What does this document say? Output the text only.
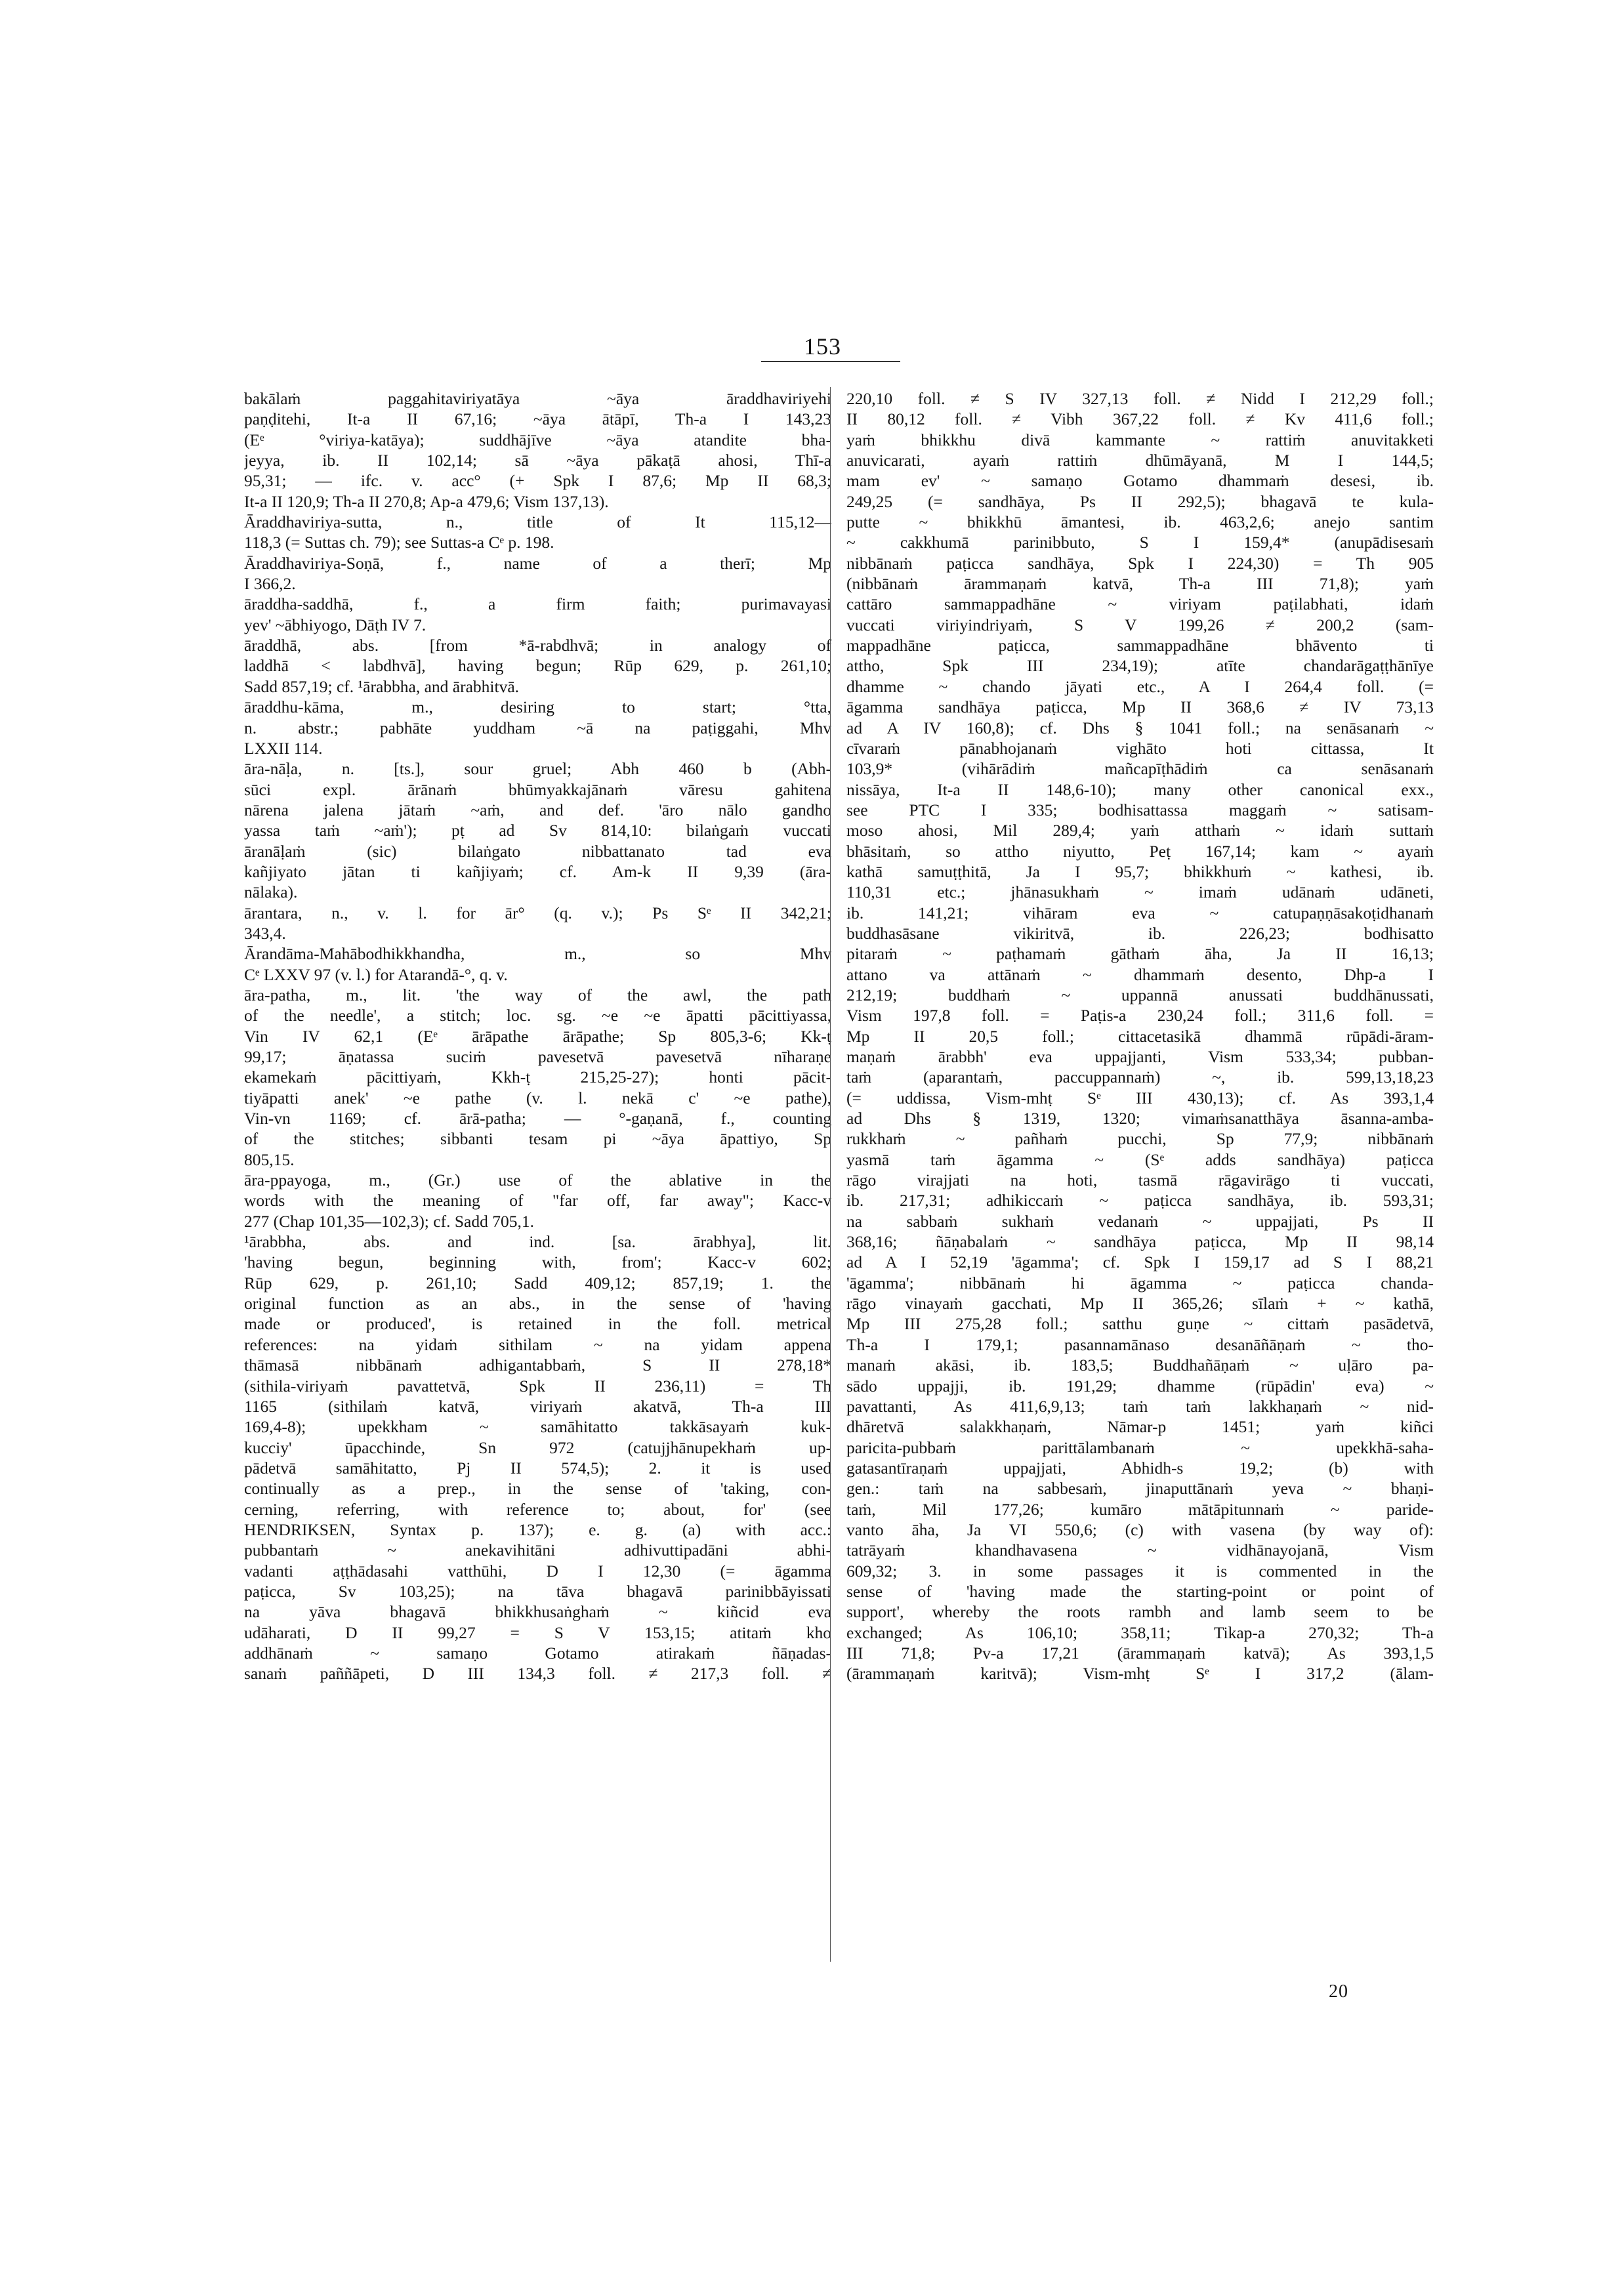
153
bakālaṁ paggahitaviriyatāya ~āya āraddhaviriyehi
paṇḍitehi, It-a II 67,16; ~āya ātāpī, Th-a I 143,23
(Eᵉ °viriya-katāya); suddhājīve ~āya atandite bha-
jeyya, ib. II 102,14; sā ~āya pākaṭā ahosi, Thī-a
95,31; — ifc. v. acc° (+ Spk I 87,6; Mp II 68,3;
It-a II 120,9; Th-a II 270,8; Ap-a 479,6; Vism 137,13).
Āraddhaviriya-sutta, n., title of It 115,12—
118,3 (= Suttas ch. 79); see Suttas-a Cᵉ p. 198.
Āraddhaviriya-Soṇā, f., name of a therī; Mp
I 366,2.
āraddha-saddhā, f., a firm faith; purimavayasi
yev' ~ābhiyogo, Dāṭh IV 7.
āraddhā, abs. [from *ā-rabdhvā; in analogy of
laddhā < labdhvā], having begun; Rūp 629, p. 261,10;
Sadd 857,19; cf. ¹ārabbha, and ārabhitvā.
āraddhu-kāma, m., desiring to start; °tta,
n. abstr.; pabhāte yuddham ~ā na paṭiggahi, Mhv
LXXII 114.
āra-nāḷa, n. [ts.], sour gruel; Abh 460 b (Abh-
sūci expl. ārānaṁ bhūmyakkajānaṁ vāresu gahitena
nārena jalena jātaṁ ~aṁ, and def. 'āro nālo gandho
yassa taṁ ~aṁ'); pṭ ad Sv 814,10: bilaṅgaṁ vuccati
āranāḷaṁ (sic) bilaṅgato nibbattanato tad eva
kañjiyato jātan ti kañjiyaṁ; cf. Am-k II 9,39 (āra-
nālaka).
ārantara, n., v. l. for ār° (q. v.); Ps Sᵉ II 342,21;
343,4.
Ārandāma-Mahābodhikkhandha, m., so Mhv
Cᵉ LXXV 97 (v. l.) for Atarandā-°, q. v.
āra-patha, m., lit. 'the way of the awl, the path
of the needle', a stitch; loc. sg. ~e ~e āpatti pācittiyassa,
Vin IV 62,1 (Eᵉ ārāpathe ārāpathe; Sp 805,3-6; Kk-ṭ
99,17; āṇatassa suciṁ pavesetvā pavesetvā nīharaṇe
ekamekaṁ pācittiyaṁ, Kkh-ṭ 215,25-27); honti pācit-
tiyāpatti anek' ~e pathe (v. l. nekā c' ~e pathe),
Vin-vn 1169; cf. ārā-patha; — °-gaṇanā, f., counting
of the stitches; sibbanti tesam pi ~āya āpattiyo, Sp
805,15.
āra-ppayoga, m., (Gr.) use of the ablative in the
words with the meaning of "far off, far away"; Kacc-v
277 (Chap 101,35—102,3); cf. Sadd 705,1.
¹ārabbha, abs. and ind. [sa. ārabhya], lit.
'having begun, beginning with, from'; Kacc-v 602;
Rūp 629, p. 261,10; Sadd 409,12; 857,19; 1. the
original function as an abs., in the sense of 'having
made or produced', is retained in the foll. metrical
references: na yidaṁ sithilam ~ na yidam appena
thāmasā nibbānaṁ adhigantabbaṁ, S II 278,18*
(sithila-viriyaṁ pavattetvā, Spk II 236,11) = Th
1165 (sithilaṁ katvā, viriyaṁ akatvā, Th-a III
169,4-8); upekkham ~ samāhitatto takkāsayaṁ kuk-
kucciy' ūpacchinde, Sn 972 (catujjhānupekhaṁ up-
pādetvā samāhitatto, Pj II 574,5); 2. it is used
continually as a prep., in the sense of 'taking, con-
cerning, referring, with reference to; about, for' (see
HENDRIKSEN, Syntax p. 137); e. g. (a) with acc.:
pubbantaṁ ~ anekavihitāni adhivuttipadāni abhi-
vadanti aṭṭhādasahi vatthūhi, D I 12,30 (= āgamma
paṭicca, Sv 103,25); na tāva bhagavā parinibbāyissati
na yāva bhagavā bhikkhusaṅghaṁ ~ kiñcid eva
udāharati, D II 99,27 = S V 153,15; atitaṁ kho
addhānaṁ ~ samaṇo Gotamo atirakaṁ ñāṇadas-
sanaṁ paññāpeti, D III 134,3 foll. ≠ 217,3 foll. ≠
220,10 foll. ≠ S IV 327,13 foll. ≠ Nidd I 212,29 foll.;
II 80,12 foll. ≠ Vibh 367,22 foll. ≠ Kv 411,6 foll.;
yaṁ bhikkhu divā kammante ~ rattiṁ anuvitakketi
anuvicarati, ayaṁ rattiṁ dhūmāyanā, M I 144,5;
mam ev' ~ samaṇo Gotamo dhammaṁ desesi, ib.
249,25 (= sandhāya, Ps II 292,5); bhagavā te kula-
putte ~ bhikkhū āmantesi, ib. 463,2,6; anejo santim
~ cakkhumā parinibbuto, S I 159,4* (anupādisesaṁ
nibbānaṁ paṭicca sandhāya, Spk I 224,30) = Th 905
(nibbānaṁ ārammaṇaṁ katvā, Th-a III 71,8); yaṁ
cattāro sammappadhāne ~ viriyam paṭilabhati, idaṁ
vuccati viriyindriyaṁ, S V 199,26 ≠ 200,2 (sam-
mappadhāne paṭicca, sammappadhāne bhāvento ti
attho, Spk III 234,19); atīte chandarāgaṭṭhānīye
dhamme ~ chando jāyati etc., A I 264,4 foll. (=
āgamma sandhāya paṭicca, Mp II 368,6 ≠ IV 73,13
ad A IV 160,8); cf. Dhs § 1041 foll.; na senāsanaṁ ~
cīvaraṁ pānabhojanaṁ vighāto hoti cittassa, It
103,9* (vihārādiṁ mañcapīṭhādiṁ ca senāsanaṁ
nissāya, It-a II 148,6-10); many other canonical exx.,
see PTC I 335; bodhisattassa maggaṁ ~ satisam-
moso ahosi, Mil 289,4; yaṁ atthaṁ ~ idaṁ suttaṁ
bhāsitaṁ, so attho niyutto, Peṭ 167,14; kam ~ ayaṁ
kathā samuṭṭhitā, Ja I 95,7; bhikkhuṁ ~ kathesi, ib.
110,31 etc.; jhānasukhaṁ ~ imaṁ udānaṁ udāneti,
ib. 141,21; vihāram eva ~ catupaṇṇāsakoṭidhanaṁ
buddhasāsane vikiritvā, ib. 226,23; bodhisatto
pitaraṁ ~ paṭhamaṁ gāthaṁ āha, Ja II 16,13;
attano va attānaṁ ~ dhammaṁ desento, Dhp-a I
212,19; buddhaṁ ~ uppannā anussati buddhānussati,
Vism 197,8 foll. = Paṭis-a 230,24 foll.; 311,6 foll. =
Mp II 20,5 foll.; cittacetasikā dhammā rūpādi-āram-
maṇaṁ ārabbh' eva uppajjanti, Vism 533,34; pubban-
taṁ (aparantaṁ, paccuppannaṁ) ~, ib. 599,13,18,23
(= uddissa, Vism-mhṭ Sᵉ III 430,13); cf. As 393,1,4
ad Dhs § 1319, 1320; vimaṁsanatthāya āsanna-amba-
rukkhaṁ ~ pañhaṁ pucchi, Sp 77,9; nibbānaṁ
yasmā taṁ āgamma ~ (Sᵉ adds sandhāya) paṭicca
rāgo virajjati na hoti, tasmā rāgavirāgo ti vuccati,
ib. 217,31; adhikiccaṁ ~ paṭicca sandhāya, ib. 593,31;
na sabbaṁ sukhaṁ vedanaṁ ~ uppajjati, Ps II
368,16; ñāṇabalaṁ ~ sandhāya paṭicca, Mp II 98,14
ad A I 52,19 'āgamma'; cf. Spk I 159,17 ad S I 88,21
'āgamma'; nibbānaṁ hi āgamma ~ paṭicca chanda-
rāgo vinayaṁ gacchati, Mp II 365,26; sīlaṁ + ~ kathā,
Mp III 275,28 foll.; satthu guṇe ~ cittaṁ pasādetvā,
Th-a I 179,1; pasannamānaso desanāñāṇaṁ ~ tho-
manaṁ akāsi, ib. 183,5; Buddhañāṇaṁ ~ uḷāro pa-
sādo uppajji, ib. 191,29; dhamme (rūpādin' eva) ~
pavattanti, As 411,6,9,13; taṁ taṁ lakkhaṇaṁ ~ nid-
dhāretvā salakkhaṇaṁ, Nāmar-p 1451; yaṁ kiñci
paricita-pubbaṁ parittālambanaṁ ~ upekkhā-saha-
gatasantīraṇaṁ uppajjati, Abhidh-s 19,2; (b) with
gen.: taṁ na sabbesaṁ, jinaputtānaṁ yeva ~ bhaṇi-
taṁ, Mil 177,26; kumāro mātāpitunnaṁ ~ paride-
vanto āha, Ja VI 550,6; (c) with vasena (by way of):
tatrāyaṁ khandhavasena ~ vidhānayojanā, Vism
609,32; 3. in some passages it is commented in the
sense of 'having made the starting-point or point of
support', whereby the roots rambh and lamb seem to be
exchanged; As 106,10; 358,11; Tikap-a 270,32; Th-a
III 71,8; Pv-a 17,21 (ārammaṇaṁ katvā); As 393,1,5
(ārammaṇaṁ karitvā); Vism-mhṭ Sᵉ I 317,2 (ālam-
20
